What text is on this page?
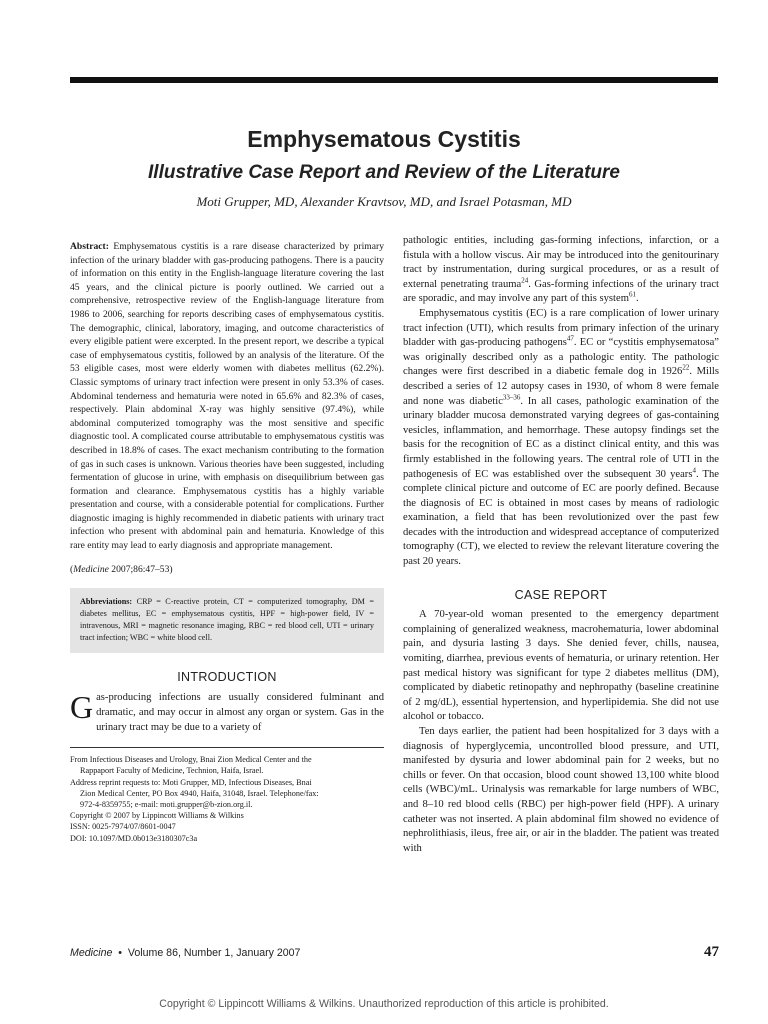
Emphysematous Cystitis
Illustrative Case Report and Review of the Literature
Moti Grupper, MD, Alexander Kravtsov, MD, and Israel Potasman, MD
Abstract: Emphysematous cystitis is a rare disease characterized by primary infection of the urinary bladder with gas-producing pathogens. There is a paucity of information on this entity in the English-language literature covering the last 45 years, and the clinical picture is poorly outlined. We carried out a comprehensive, retrospective review of the English-language literature from 1986 to 2006, searching for reports describing cases of emphysematous cystitis. The demographic, clinical, laboratory, imaging, and outcome characteristics of every eligible patient were excerpted. In the present report, we describe a typical case of emphysematous cystitis, followed by an analysis of the literature. Of the 53 eligible cases, most were elderly women with diabetes mellitus (62.2%). Classic symptoms of urinary tract infection were present in only 53.3% of cases. Abdominal tenderness and hematuria were noted in 65.6% and 82.3% of cases, respectively. Plain abdominal X-ray was highly sensitive (97.4%), while abdominal computerized tomography was the most sensitive and specific diagnostic tool. A complicated course attributable to emphysematous cystitis was described in 18.8% of cases. The exact mechanism contributing to the formation of gas in such cases is unknown. Various theories have been suggested, including fermentation of glucose in urine, with emphasis on disequilibrium between gas formation and clearance. Emphysematous cystitis has a highly variable presentation and course, with a considerable potential for complications. Further diagnostic imaging is highly recommended in diabetic patients with urinary tract infection who present with abdominal pain and hematuria. Knowledge of this rare entity may lead to early diagnosis and appropriate management.
(Medicine 2007;86:47–53)
Abbreviations: CRP = C-reactive protein, CT = computerized tomography, DM = diabetes mellitus, EC = emphysematous cystitis, HPF = high-power field, IV = intravenous, MRI = magnetic resonance imaging, RBC = red blood cell, UTI = urinary tract infection; WBC = white blood cell.
INTRODUCTION
Gas-producing infections are usually considered fulminant and dramatic, and may occur in almost any organ or system. Gas in the urinary tract may be due to a variety of

From Infectious Diseases and Urology, Bnai Zion Medical Center and the

Rappaport Faculty of Medicine, Technion, Haifa, Israel.

Address reprint requests to: Moti Grupper, MD, Infectious Diseases, Bnai

Zion Medical Center, PO Box 4940, Haifa, 31048, Israel. Telephone/fax:

972-4-8359755; e-mail: moti.grupper@b-zion.org.il.

Copyright © 2007 by Lippincott Williams & Wilkins

ISSN: 0025-7974/07/8601-0047

DOI: 10.1097/MD.0b013e3180307c3a

pathologic entities, including gas-forming infections, infarction, or a fistula with a hollow viscus. Air may be introduced into the genitourinary tract by instrumentation, during surgical procedures, or as a result of external penetrating trauma$^{24}$. Gas-forming infections of the urinary tract are sporadic, and may involve any part of this system$^{61}$.

Emphysematous cystitis (EC) is a rare complication of lower urinary tract infection (UTI), which results from primary infection of the urinary bladder with gas-producing pathogens$^{47}$. EC or “cystitis emphysematosa” was originally described only as a pathologic entity. The pathologic changes were first described in a diabetic female dog in 1926$^{22}$. Mills described a series of 12 autopsy cases in 1930, of whom 8 were female and none was diabetic$^{33-36}$. In all cases, pathologic examination of the urinary bladder mucosa demonstrated varying degrees of gas-containing vesicles, inflammation, and hemorrhage. These autopsy findings set the basis for the recognition of EC as a distinct clinical entity, and this was firmly established in the following years. The central role of UTI in the pathogenesis of EC was established over the subsequent 30 years$^4$. The complete clinical picture and outcome of EC are poorly defined. Because the diagnosis of EC is obtained in most cases by means of radiologic examination, a field that has been revolutionized over the past few decades with the introduction and widespread acceptance of computerized tomography (CT), we elected to review the relevant literature covering the past 20 years.

CASE REPORT

A 70-year-old woman presented to the emergency department complaining of generalized weakness, macrohematuria, lower abdominal pain, and dysuria lasting 3 days. She denied fever, chills, nausea, vomiting, diarrhea, previous events of hematuria, or urinary retention. Her past medical history was significant for type 2 diabetes mellitus (DM), complicated by diabetic retinopathy and nephropathy (baseline creatinine of 2 mg/dL), essential hypertension, and hyperlipidemia. She did not use alcohol or tobacco.

Ten days earlier, the patient had been hospitalized for 3 days with a diagnosis of hyperglycemia, uncontrolled blood pressure, and UTI, manifested by dysuria and lower abdominal pain for 2 weeks, but no chills or fever. On that occasion, blood count showed 13,100 white blood cells (WBC)/mL. Urinalysis was remarkable for large numbers of WBC, and 8–10 red blood cells (RBC) per high-power field (HPF). A urinary catheter was not inserted. A plain abdominal film showed no evidence of nephrolithiasis, ileus, free air, or air in the bladder. The patient was treated with

Medicine • Volume 86, Number 1, January 2007	47
Copyright © Lippincott Williams & Wilkins. Unauthorized reproduction of this article is prohibited.
